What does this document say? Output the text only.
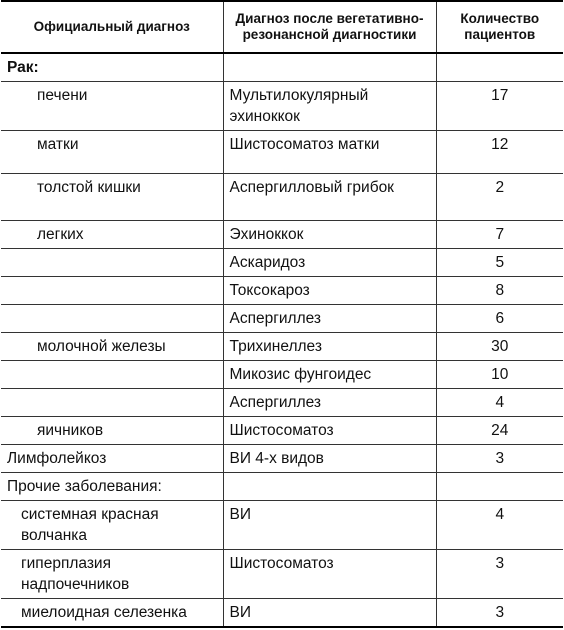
Официальный диагноз	Диагноз после вегетативно-резонансной диагностики	Количество пациентов
Рак:		
печени	Мультилокулярный эхиноккок	17
матки	Шистосоматоз матки	12
толстой кишки	Аспергилловый грибок	2
легких	Эхиноккок	7
	Аскаридоз	5
	Токсокароз	8
	Аспергиллез	6
молочной железы	Трихинеллез	30
	Микозис фунгоидес	10
	Аспергиллез	4
яичников	Шистосоматоз	24
Лимфолейкоз	ВИ 4-х видов	3
Прочие заболевания:		
системная красная волчанка	ВИ	4
гиперплазия надпочечников	Шистосоматоз	3
миелоидная селезенка	ВИ	3
